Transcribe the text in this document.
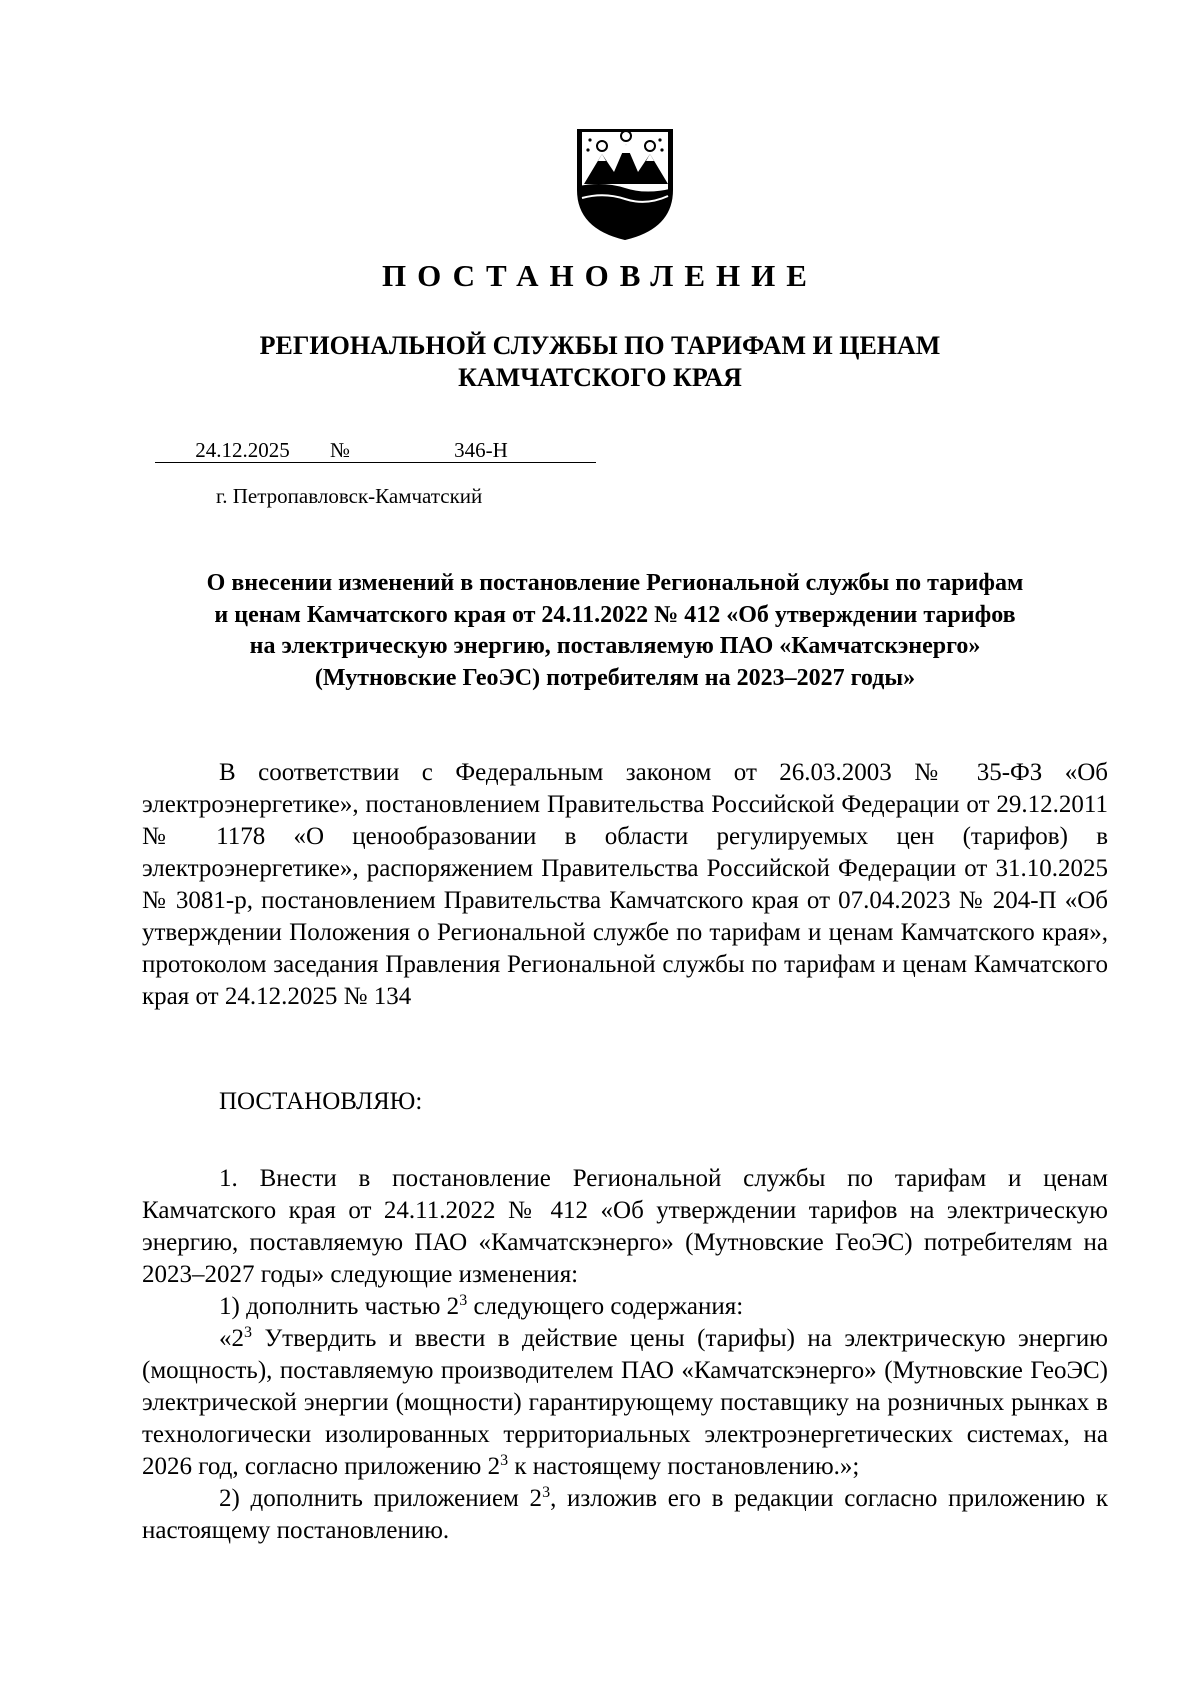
ПОСТАНОВЛЕНИЕ
РЕГИОНАЛЬНОЙ СЛУЖБЫ ПО ТАРИФАМ И ЦЕНАМ
КАМЧАТСКОГО КРАЯ
24.12.2025 №	346-Н
г. Петропавловск-Камчатский
О внесении изменений в постановление Региональной службы по тарифам
и ценам Камчатского края от 24.11.2022 № 412 «Об утверждении тарифов
на электрическую энергию, поставляемую ПАО «Камчатскэнерго»
(Мутновские ГеоЭС) потребителям на 2023–2027 годы»

В соответствии с Федеральным законом от 26.03.2003 № 35-ФЗ «Об электроэнергетике», постановлением Правительства Российской Федерации от 29.12.2011 № 1178 «О ценообразовании в области регулируемых цен (тарифов) в электроэнергетике», распоряжением Правительства Российской Федерации от 31.10.2025 № 3081-р, постановлением Правительства Камчатского края от 07.04.2023 № 204-П «Об утверждении Положения о Региональной службе по тарифам и ценам Камчатского края», протоколом заседания Правления Региональной службы по тарифам и ценам Камчатского края от 24.12.2025 № 134

ПОСТАНОВЛЯЮ:

1. Внести в постановление Региональной службы по тарифам и ценам Камчатского края от 24.11.2022 № 412 «Об утверждении тарифов на электрическую энергию, поставляемую ПАО «Камчатскэнерго» (Мутновские ГеоЭС) потребителям на 2023–2027 годы» следующие изменения:

1) дополнить частью $2^3$ следующего содержания:

«$2^3$ Утвердить и ввести в действие цены (тарифы) на электрическую энергию (мощность), поставляемую производителем ПАО «Камчатскэнерго» (Мутновские ГеоЭС) электрической энергии (мощности) гарантирующему поставщику на розничных рынках в технологически изолированных территориальных электроэнергетических системах, на 2026 год, согласно приложению $2^3$ к настоящему постановлению.»;

2) дополнить приложением $2^3$, изложив его в редакции согласно приложению к настоящему постановлению.
